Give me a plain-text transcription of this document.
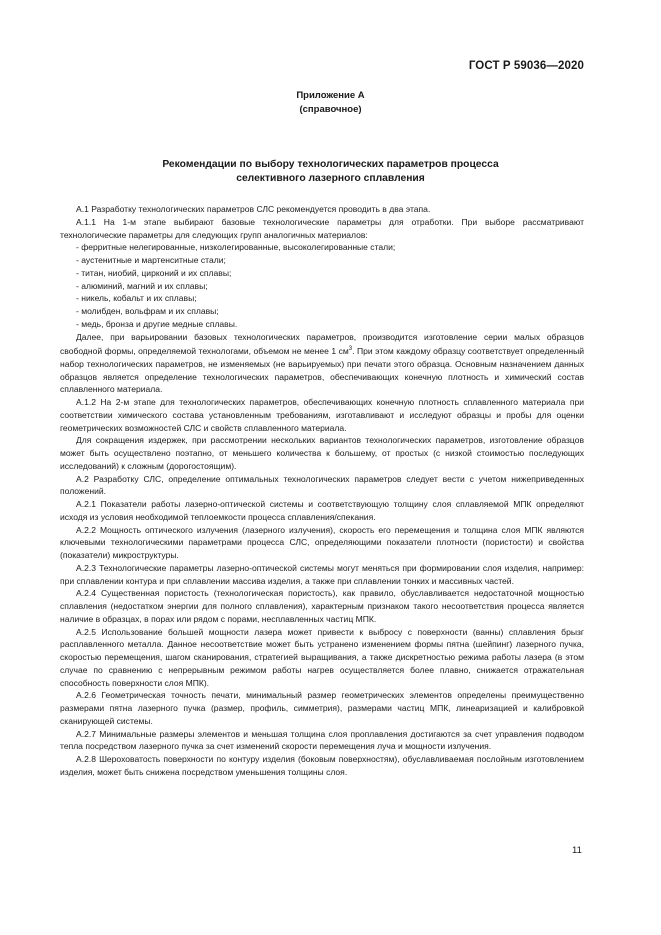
ГОСТ Р 59036—2020
Приложение А
(справочное)
Рекомендации по выбору технологических параметров процесса
селективного лазерного сплавления

А.1 Разработку технологических параметров СЛС рекомендуется проводить в два этапа.

А.1.1 На 1-м этапе выбирают базовые технологические параметры для отработки. При выборе рассматривают технологические параметры для следующих групп аналогичных материалов:

- ферритные нелегированные, низколегированные, высоколегированные стали;
- аустенитные и мартенситные стали;
- титан, ниобий, цирконий и их сплавы;
- алюминий, магний и их сплавы;
- никель, кобальт и их сплавы;
- молибден, вольфрам и их сплавы;
- медь, бронза и другие медные сплавы.

Далее, при варьировании базовых технологических параметров, производится изготовление серии малых образцов свободной формы, определяемой технологами, объемом не менее 1 $см^3$. При этом каждому образцу соответствует определенный набор технологических параметров, не изменяемых (не варьируемых) при печати этого образца. Основным назначением данных образцов является определение технологических параметров, обеспечивающих конечную плотность и химический состав сплавленного материала.

А.1.2 На 2-м этапе для технологических параметров, обеспечивающих конечную плотность сплавленного материала при соответствии химического состава установленным требованиям, изготавливают и исследуют образцы и пробы для оценки геометрических возможностей СЛС и свойств сплавленного материала.

Для сокращения издержек, при рассмотрении нескольких вариантов технологических параметров, изготовление образцов может быть осуществлено поэтапно, от меньшего количества к большему, от простых (с низкой стоимостью последующих исследований) к сложным (дорогостоящим).

А.2 Разработку СЛС, определение оптимальных технологических параметров следует вести с учетом нижеприведенных положений.

А.2.1 Показатели работы лазерно-оптической системы и соответствующую толщину слоя сплавляемой МПК определяют исходя из условия необходимой теплоемкости процесса сплавления/спекания.

А.2.2 Мощность оптического излучения (лазерного излучения), скорость его перемещения и толщина слоя МПК являются ключевыми технологическими параметрами процесса СЛС, определяющими показатели плотности (пористости) и свойства (показатели) микроструктуры.

А.2.3 Технологические параметры лазерно-оптической системы могут меняться при формировании слоя изделия, например: при сплавлении контура и при сплавлении массива изделия, а также при сплавлении тонких и массивных частей.

А.2.4 Существенная пористость (технологическая пористость), как правило, обуславливается недостаточной мощностью сплавления (недостатком энергии для полного сплавления), характерным признаком такого несоответствия процесса является наличие в образцах, в порах или рядом с порами, несплавленных частиц МПК.

А.2.5 Использование большей мощности лазера может привести к выбросу с поверхности (ванны) сплавления брызг расплавленного металла. Данное несоответствие может быть устранено изменением формы пятна (шейпинг) лазерного пучка, скоростью перемещения, шагом сканирования, стратегией выращивания, а также дискретностью режима работы лазера (в этом случае по сравнению с непрерывным режимом работы нагрев осуществляется более плавно, снижается отражательная способность поверхности слоя МПК).

А.2.6 Геометрическая точность печати, минимальный размер геометрических элементов определены преимущественно размерами пятна лазерного пучка (размер, профиль, симметрия), размерами частиц МПК, линеаризацией и калибровкой сканирующей системы.

А.2.7 Минимальные размеры элементов и меньшая толщина слоя проплавления достигаются за счет управления подводом тепла посредством лазерного пучка за счет изменений скорости перемещения луча и мощности излучения.

А.2.8 Шероховатость поверхности по контуру изделия (боковым поверхностям), обуславливаемая послойным изготовлением изделия, может быть снижена посредством уменьшения толщины слоя.

11
